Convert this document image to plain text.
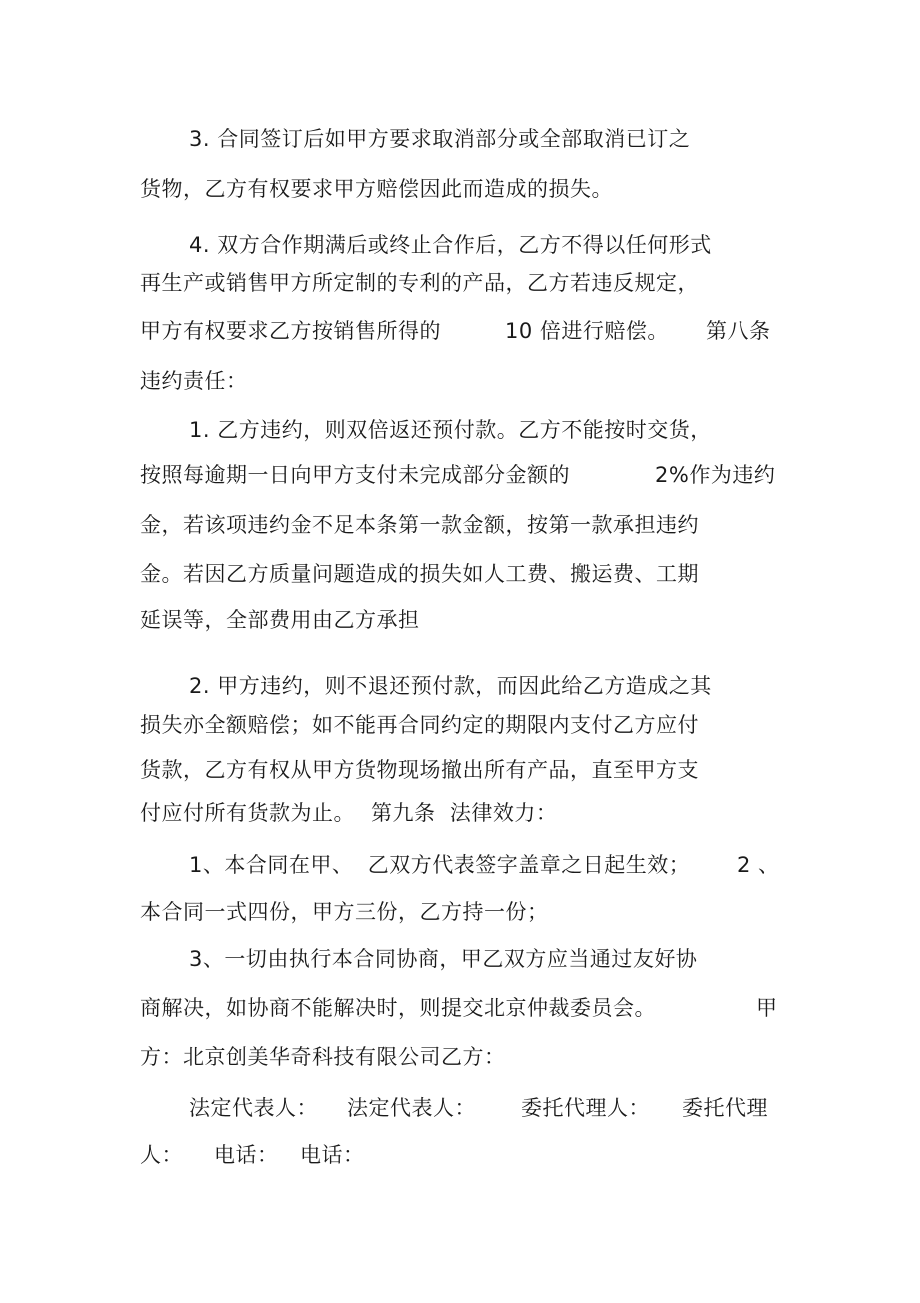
3. 合同签订后如甲方要求取消部分或全部取消已订之
货物，乙方有权要求甲方赔偿因此而造成的损失。
4. 双方合作期满后或终止合作后，乙方不得以任何形式
再生产或销售甲方所定制的专利的产品，乙方若违反规定，
甲方有权要求乙方按销售所得的	10 倍进行赔偿。 第八条
违约责任：
1. 乙方违约，则双倍返还预付款。乙方不能按时交货，
按照每逾期一日向甲方支付未完成部分金额的	2%作为违约
金，若该项违约金不足本条第一款金额，按第一款承担违约
金。若因乙方质量问题造成的损失如人工费、搬运费、工期
延误等，全部费用由乙方承担
2. 甲方违约，则不退还预付款，而因此给乙方造成之其
损失亦全额赔偿；如不能再合同约定的期限内支付乙方应付
货款，乙方有权从甲方货物现场撤出所有产品，直至甲方支
付应付所有货款为止。 第九条  法律效力：
1、本合同在甲、  乙双方代表签字盖章之日起生效； 2 、
本合同一式四份，甲方三份，乙方持一份；
3、一切由执行本合同协商，甲乙双方应当通过友好协
商解决，如协商不能解决时，则提交北京仲裁委员会。	甲
方：北京创美华奇科技有限公司乙方：
法定代表人： 法定代表人： 委托代理人： 委托代理
人： 电话： 电话：
